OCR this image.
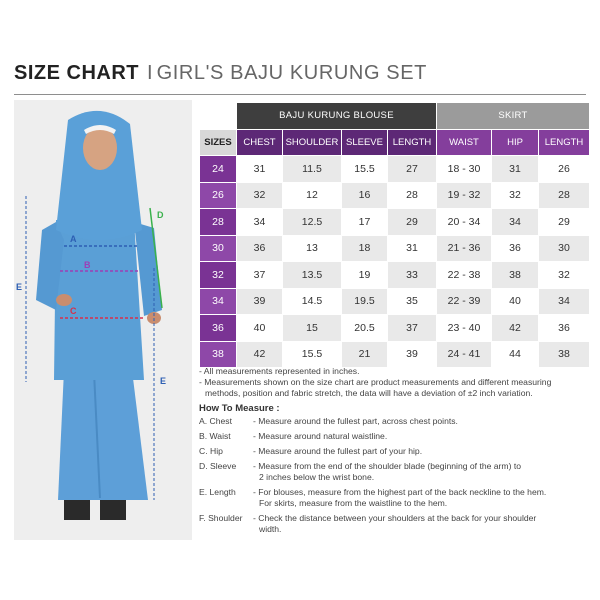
SIZE CHART I GIRL'S BAJU KURUNG SET
A
B
C
D
E
E
	BAJU KURUNG BLOUSE				SKIRT		
SIZES	CHEST	SHOULDER	SLEEVE	LENGTH	WAIST	HIP	LENGTH
24	31	11.5	15.5	27	18 - 30	31	26
26	32	12	16	28	19 - 32	32	28
28	34	12.5	17	29	20 - 34	34	29
30	36	13	18	31	21 - 36	36	30
32	37	13.5	19	33	22 - 38	38	32
34	39	14.5	19.5	35	22 - 39	40	34
36	40	15	20.5	37	23 - 40	42	36
38	42	15.5	21	39	24 - 41	44	38

- All measurements represented in inches.

- Measurements shown on the size chart are product measurements and different measuring

methods, position and fabric stretch, the data will have a deviation of ±2 inch variation.

How To Measure :
A. Chest	- Measure around the fullest part, across chest points.
B. Waist	- Measure around natural waistline.
C. Hip	- Measure around the fullest part of your hip.
D. Sleeve	- Measure from the end of the shoulder blade (beginning of the arm) to
2 inches below the wrist bone.
E. Length	- For blouses, measure from the highest part of the back neckline to the hem.
For skirts, measure from the waistline to the hem.
F. Shoulder	- Check the distance between your shoulders at the back for your shoulder
width.
